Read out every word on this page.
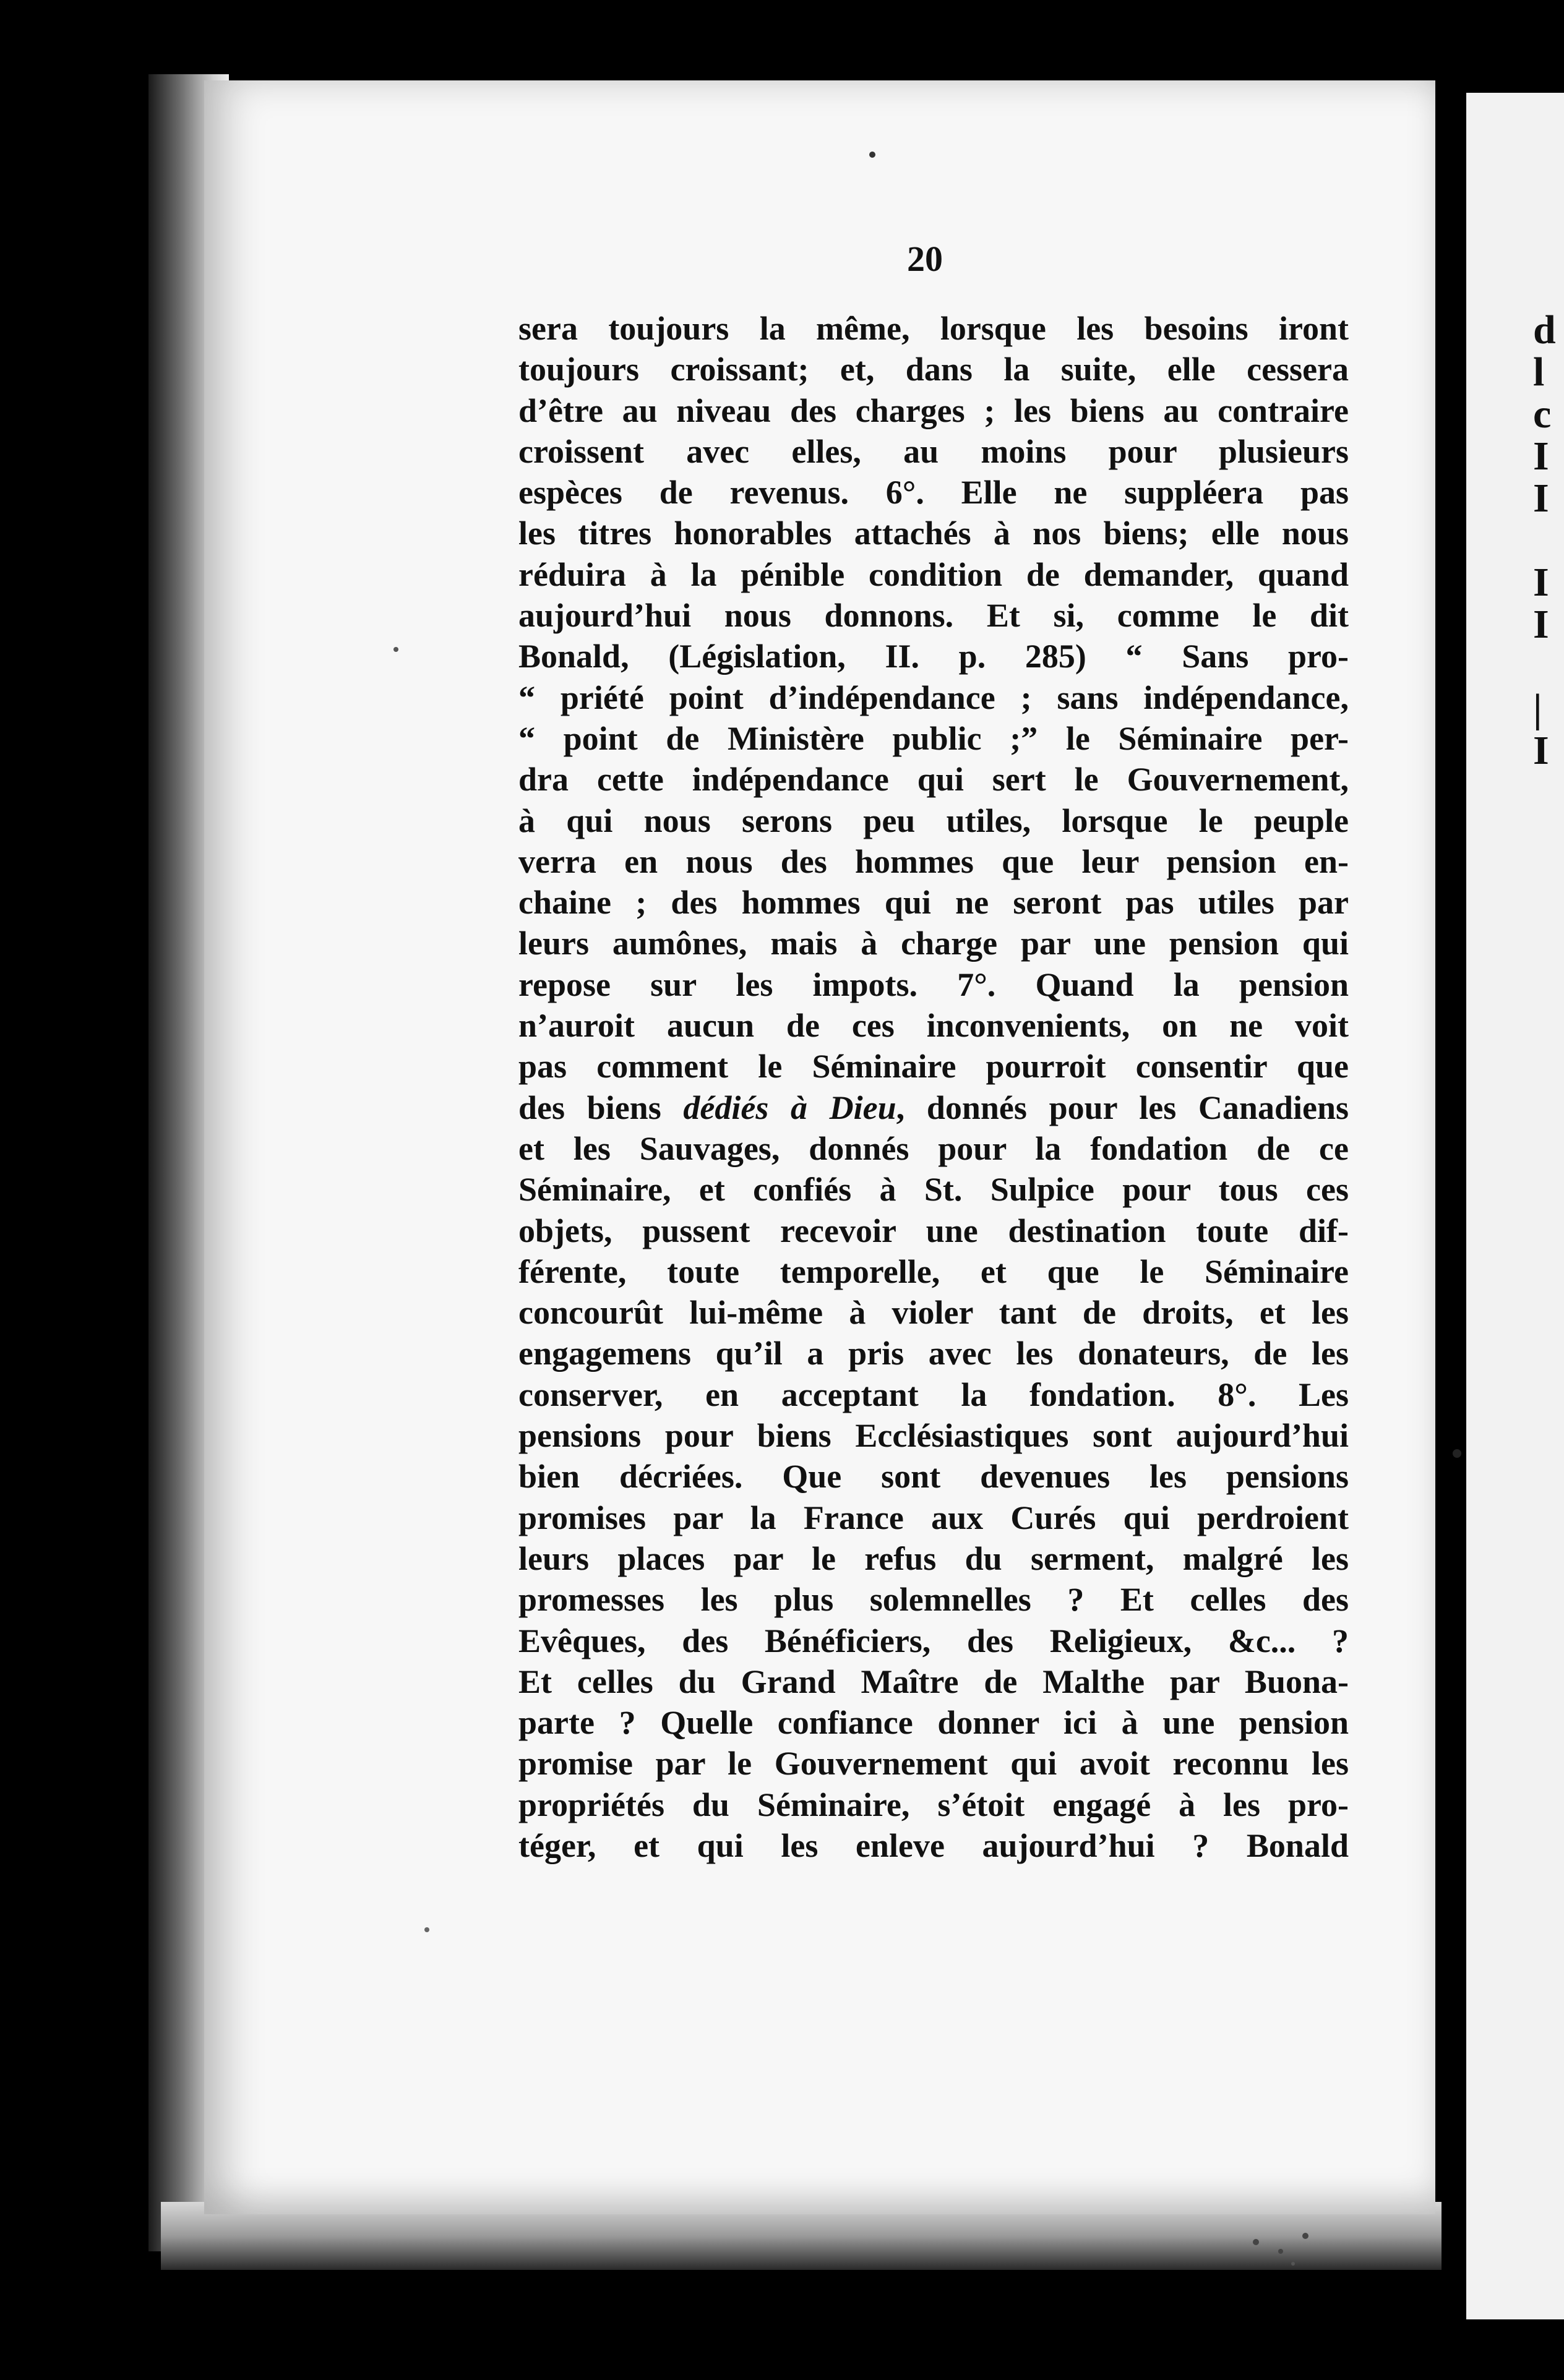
d
l
c
I
I

I
I

|
I

20

sera toujours la même, lorsque les besoins iront
toujours croissant; et, dans la suite, elle cessera
d’être au niveau des charges ; les biens au contraire
croissent avec elles, au moins pour plusieurs
espèces de revenus. 6°. Elle ne suppléera pas
les titres honorables attachés à nos biens; elle nous
réduira à la pénible condition de demander, quand
aujourd’hui nous donnons. Et si, comme le dit
Bonald, (Législation, II. p. 285) “ Sans pro-
“ priété point d’indépendance ; sans indépendance,
“ point de Ministère public ;” le Séminaire per-
dra cette indépendance qui sert le Gouvernement,
à qui nous serons peu utiles, lorsque le peuple
verra en nous des hommes que leur pension en-
chaine ; des hommes qui ne seront pas utiles par
leurs aumônes, mais à charge par une pension qui
repose sur les impots. 7°. Quand la pension
n’auroit aucun de ces inconvenients, on ne voit
pas comment le Séminaire pourroit consentir que
des biens dédiés à Dieu, donnés pour les Canadiens
et les Sauvages, donnés pour la fondation de ce
Séminaire, et confiés à St. Sulpice pour tous ces
objets, pussent recevoir une destination toute dif-
férente, toute temporelle, et que le Séminaire
concourût lui-même à violer tant de droits, et les
engagemens qu’il a pris avec les donateurs, de les
conserver, en acceptant la fondation. 8°. Les
pensions pour biens Ecclésiastiques sont aujourd’hui
bien décriées. Que sont devenues les pensions
promises par la France aux Curés qui perdroient
leurs places par le refus du serment, malgré les
promesses les plus solemnelles ? Et celles des
Evêques, des Bénéficiers, des Religieux, &c... ?
Et celles du Grand Maître de Malthe par Buona-
parte ? Quelle confiance donner ici à une pension
promise par le Gouvernement qui avoit reconnu les
propriétés du Séminaire, s’étoit engagé à les pro-
téger, et qui les enleve aujourd’hui ? Bonald
